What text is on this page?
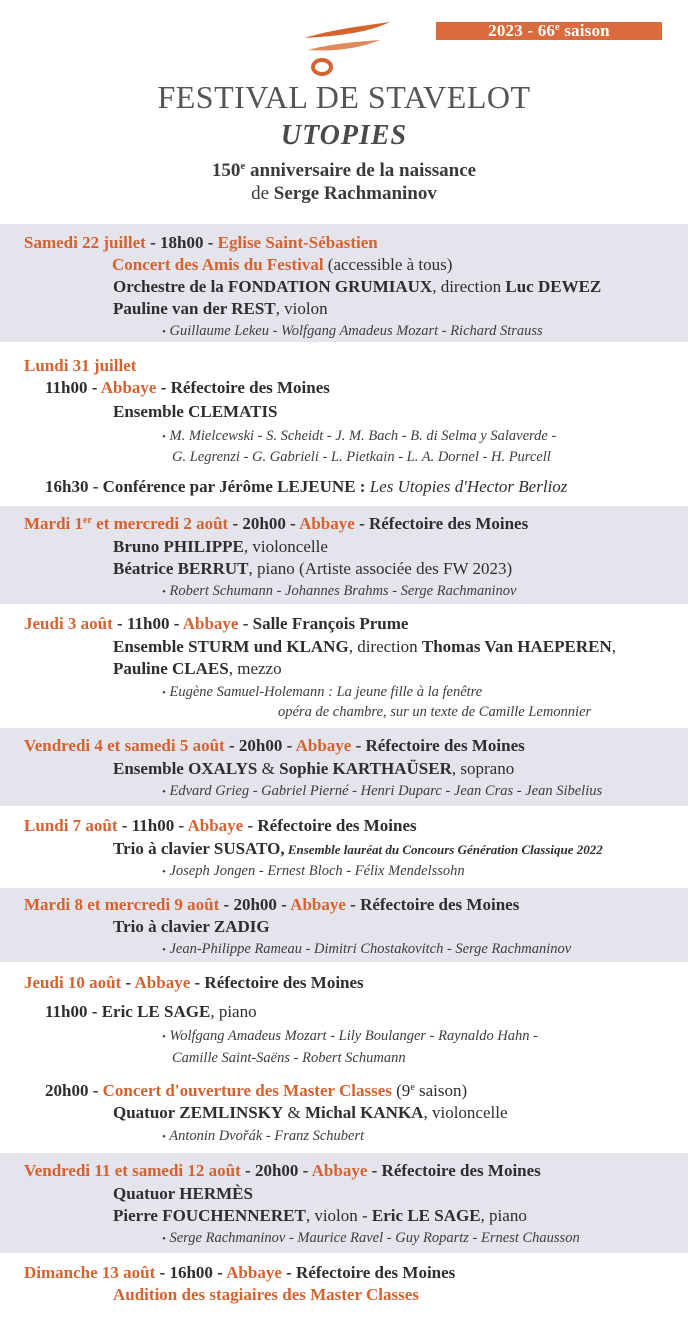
2023 - 66e saison
FESTIVAL DE STAVELOT
UTOPIES
150e anniversaire de la naissance
de Serge Rachmaninov
Samedi 22 juillet - 18h00 - Eglise Saint-Sébastien
Concert des Amis du Festival (accessible à tous)
Orchestre de la FONDATION GRUMIAUX, direction Luc DEWEZ
Pauline van der REST, violon
• Guillaume Lekeu - Wolfgang Amadeus Mozart - Richard Strauss
Lundi 31 juillet
11h00 - Abbaye - Réfectoire des Moines
Ensemble CLEMATIS
• M. Mielcewski - S. Scheidt - J. M. Bach - B. di Selma y Salaverde -
G. Legrenzi - G. Gabrieli - L. Pietkain - L. A. Dornel - H. Purcell
16h30 - Conférence par Jérôme LEJEUNE : Les Utopies d'Hector Berlioz
Mardi 1er et mercredi 2 août - 20h00 - Abbaye - Réfectoire des Moines
Bruno PHILIPPE, violoncelle
Béatrice BERRUT, piano (Artiste associée des FW 2023)
• Robert Schumann - Johannes Brahms - Serge Rachmaninov
Jeudi 3 août - 11h00 - Abbaye - Salle François Prume
Ensemble STURM und KLANG, direction Thomas Van HAEPEREN,
Pauline CLAES, mezzo
• Eugène Samuel-Holemann : La jeune fille à la fenêtre
opéra de chambre, sur un texte de Camille Lemonnier
Vendredi 4 et samedi 5 août - 20h00 - Abbaye - Réfectoire des Moines
Ensemble OXALYS & Sophie KARTHAÜSER, soprano
• Edvard Grieg - Gabriel Pierné - Henri Duparc - Jean Cras - Jean Sibelius
Lundi 7 août - 11h00 - Abbaye - Réfectoire des Moines
Trio à clavier SUSATO, Ensemble lauréat du Concours Génération Classique 2022
• Joseph Jongen - Ernest Bloch - Félix Mendelssohn
Mardi 8 et mercredi 9 août - 20h00 - Abbaye - Réfectoire des Moines
Trio à clavier ZADIG
• Jean-Philippe Rameau - Dimitri Chostakovitch - Serge Rachmaninov
Jeudi 10 août - Abbaye - Réfectoire des Moines
11h00 - Eric LE SAGE, piano
• Wolfgang Amadeus Mozart - Lily Boulanger - Raynaldo Hahn -
Camille Saint-Saëns - Robert Schumann
20h00 - Concert d'ouverture des Master Classes (9e saison)
Quatuor ZEMLINSKY & Michal KANKA, violoncelle
• Antonin Dvořák - Franz Schubert
Vendredi 11 et samedi 12 août - 20h00 - Abbaye - Réfectoire des Moines
Quatuor HERMÈS
Pierre FOUCHENNERET, violon - Eric LE SAGE, piano
• Serge Rachmaninov - Maurice Ravel - Guy Ropartz - Ernest Chausson
Dimanche 13 août - 16h00 - Abbaye - Réfectoire des Moines
Audition des stagiaires des Master Classes
